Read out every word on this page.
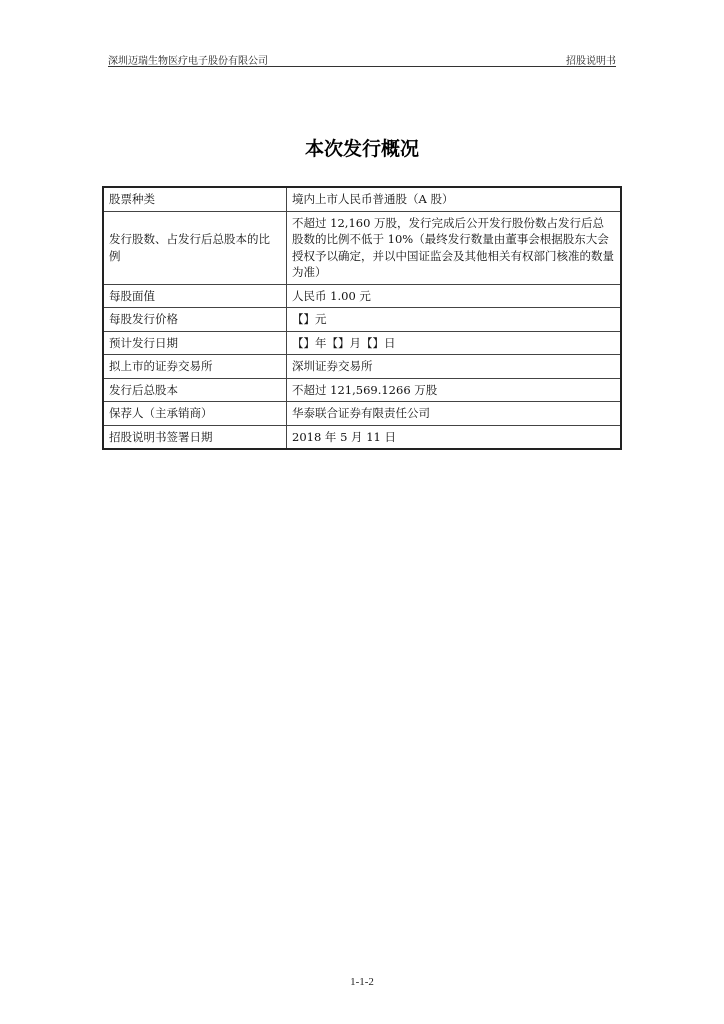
深圳迈瑞生物医疗电子股份有限公司	招股说明书
本次发行概况
股票种类	境内上市人民币普通股（A 股）
发行股数、占发行后总股本的比例	不超过 12,160 万股，发行完成后公开发行股份数占发行后总股数的比例不低于 10%（最终发行数量由董事会根据股东大会授权予以确定，并以中国证监会及其他相关有权部门核准的数量为准）
每股面值	人民币 1.00 元
每股发行价格	【】元
预计发行日期	【】年【】月【】日
拟上市的证券交易所	深圳证券交易所
发行后总股本	不超过 121,569.1266 万股
保荐人（主承销商）	华泰联合证券有限责任公司
招股说明书签署日期	2018 年 5 月 11 日
1-1-2
